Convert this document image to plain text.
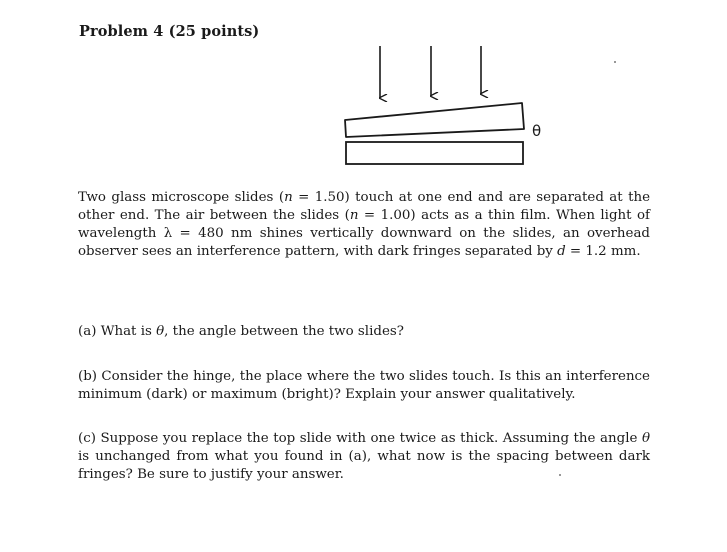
Problem 4 (25 points)
θ
Two glass microscope slides (n = 1.50) touch at one end and are separated at the other end. The air between the slides (n = 1.00) acts as a thin film. When light of wavelength λ = 480 nm shines vertically downward on the slides, an overhead observer sees an interference pattern, with dark fringes separated by d = 1.2 mm.
(a) What is θ, the angle between the two slides?
(b) Consider the hinge, the place where the two slides touch. Is this an interference minimum (dark) or maximum (bright)? Explain your answer qualitatively.
(c) Suppose you replace the top slide with one twice as thick. Assuming the angle θ is unchanged from what you found in (a), what now is the spacing between dark fringes? Be sure to justify your answer.
